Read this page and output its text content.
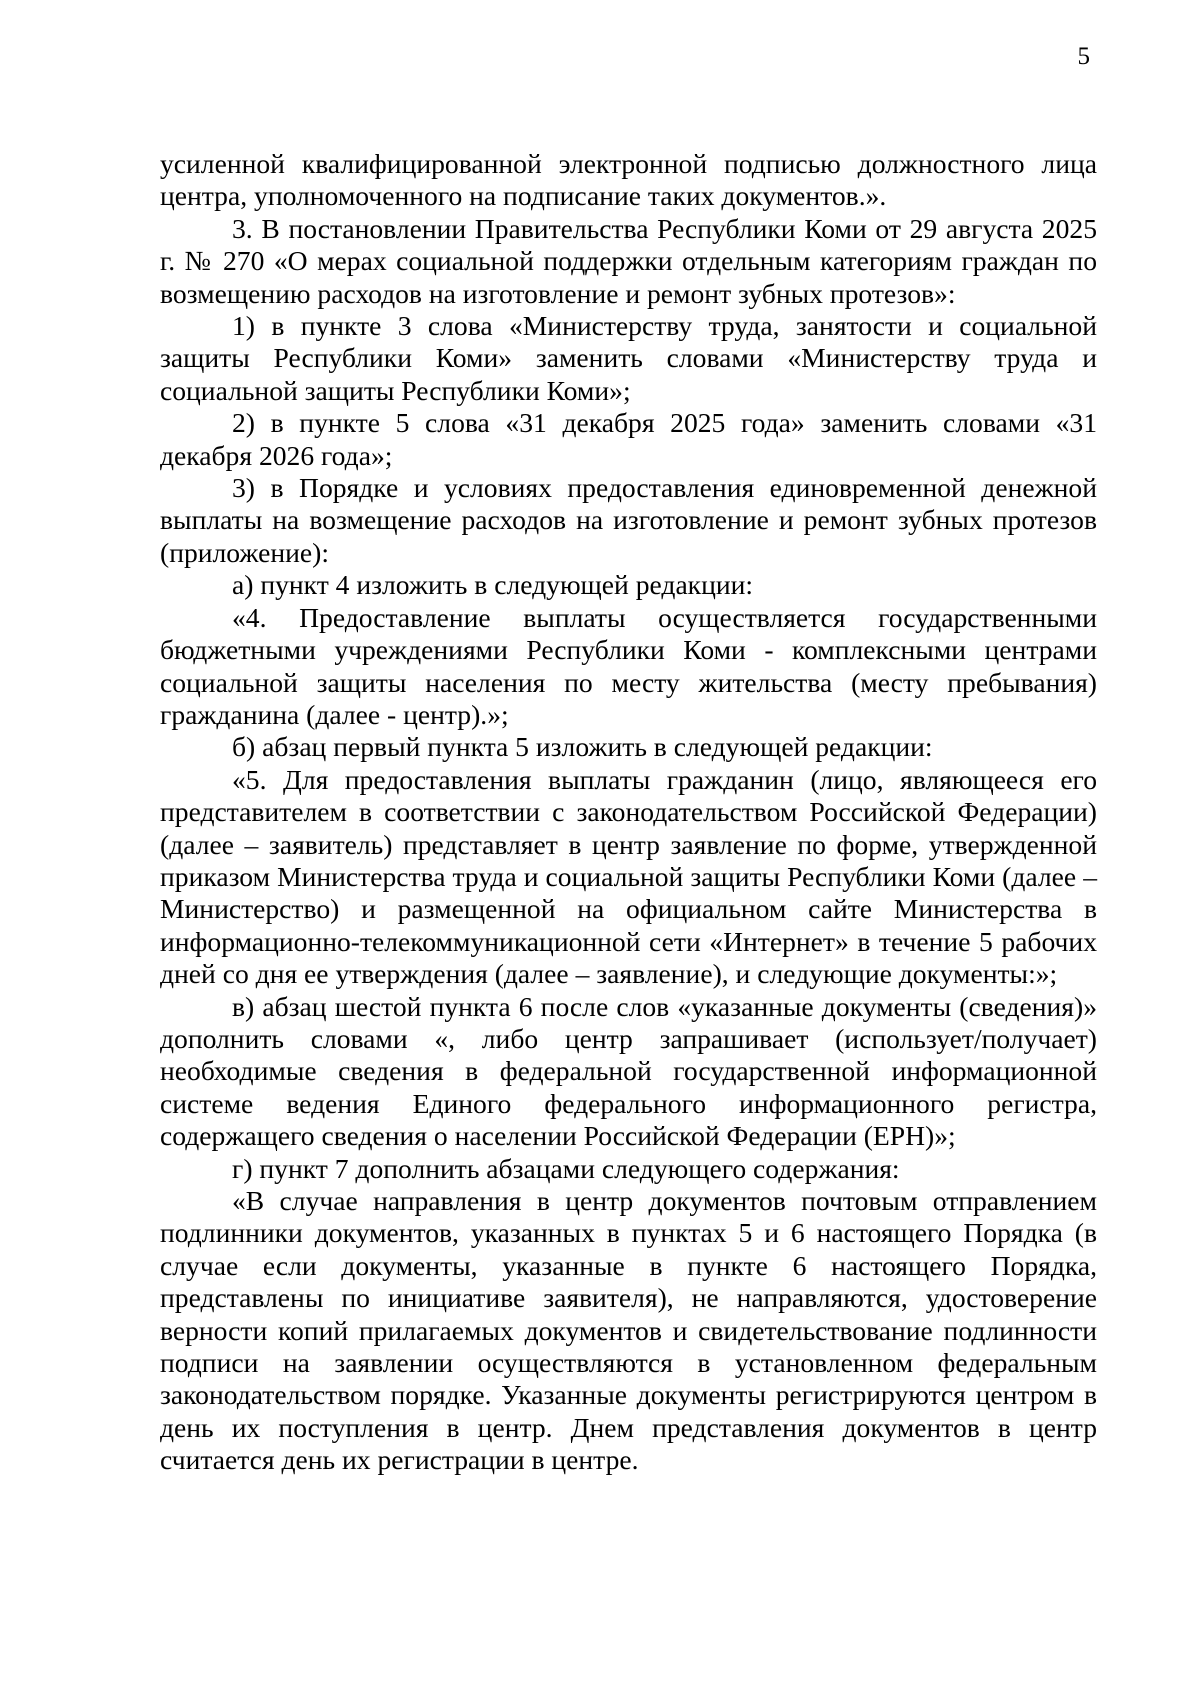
5

усиленной квалифицированной электронной подписью должностного лица центра, уполномоченного на подписание таких документов.».

3. В постановлении Правительства Республики Коми от 29 августа 2025 г. № 270 «О мерах социальной поддержки отдельным категориям граждан по возмещению расходов на изготовление и ремонт зубных протезов»:

1) в пункте 3 слова «Министерству труда, занятости и социальной защиты Республики Коми» заменить словами «Министерству труда и социальной защиты Республики Коми»;

2) в пункте 5 слова «31 декабря 2025 года» заменить словами «31 декабря 2026 года»;

3) в Порядке и условиях предоставления единовременной денежной выплаты на возмещение расходов на изготовление и ремонт зубных протезов (приложение):

а) пункт 4 изложить в следующей редакции:

«4. Предоставление выплаты осуществляется государственными бюджетными учреждениями Республики Коми - комплексными центрами социальной защиты населения по месту жительства (месту пребывания) гражданина (далее - центр).»;

б) абзац первый пункта 5 изложить в следующей редакции:

«5. Для предоставления выплаты гражданин (лицо, являющееся его представителем в соответствии с законодательством Российской Федерации) (далее – заявитель) представляет в центр заявление по форме, утвержденной приказом Министерства труда и социальной защиты Республики Коми (далее – Министерство) и размещенной на официальном сайте Министерства в информационно-телекоммуникационной сети «Интернет» в течение 5 рабочих дней со дня ее утверждения (далее – заявление), и следующие документы:»;

в) абзац шестой пункта 6 после слов «указанные документы (сведения)» дополнить словами «, либо центр запрашивает (использует/получает) необходимые сведения в федеральной государственной информационной системе ведения Единого федерального информационного регистра, содержащего сведения о населении Российской Федерации (ЕРН)»;

г) пункт 7 дополнить абзацами следующего содержания:

«В случае направления в центр документов почтовым отправлением подлинники документов, указанных в пунктах 5 и 6 настоящего Порядка (в случае если документы, указанные в пункте 6 настоящего Порядка, представлены по инициативе заявителя), не направляются, удостоверение верности копий прилагаемых документов и свидетельствование подлинности подписи на заявлении осуществляются в установленном федеральным законодательством порядке. Указанные документы регистрируются центром в день их поступления в центр. Днем представления документов в центр считается день их регистрации в центре.
